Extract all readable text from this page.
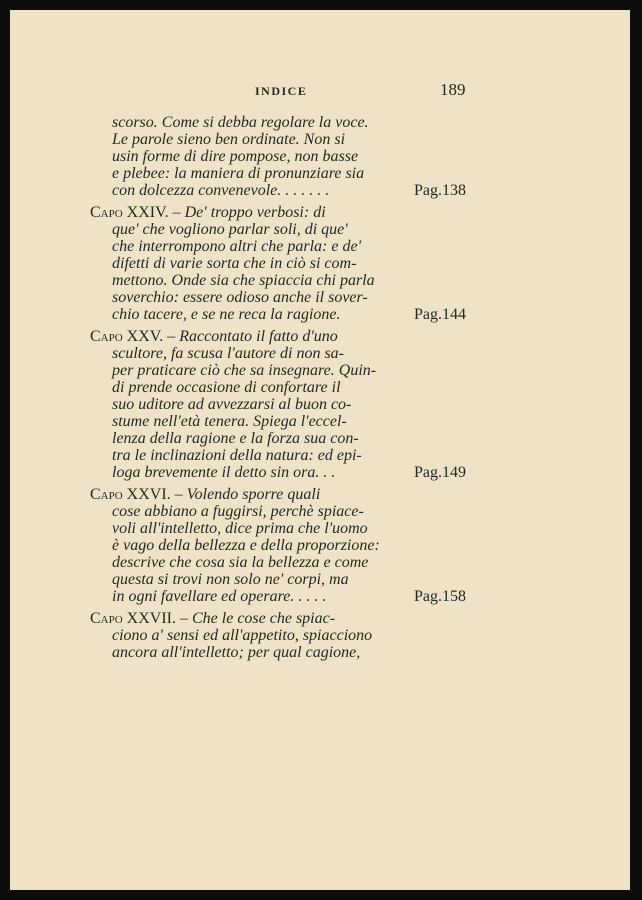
INDICE	189
scorso. Come si debba regolare la voce.
Le parole sieno ben ordinate. Non si
usin forme di dire pompose, non basse
e plebee: la maniera di pronunziare sia
con dolcezza convenevole. . . . . . .	Pag. 138
Capo XXIV. – De' troppo verbosi: di
que' che vogliono parlar soli, di que'
che interrompono altri che parla: e de'
difetti di varie sorta che in ciò si com-
mettono. Onde sia che spiaccia chi parla
soverchio: essere odioso anche il sover-
chio tacere, e se ne reca la ragione.	Pag. 144
Capo XXV. – Raccontato il fatto d'uno
scultore, fa scusa l'autore di non sa-
per praticare ciò che sa insegnare. Quin-
di prende occasione di confortare il
suo uditore ad avvezzarsi al buon co-
stume nell'età tenera. Spiega l'eccel-
lenza della ragione e la forza sua con-
tra le inclinazioni della natura: ed epi-
loga brevemente il detto sin ora. . .	Pag. 149
Capo XXVI. – Volendo sporre quali
cose abbiano a fuggirsi, perchè spiace-
voli all'intelletto, dice prima che l'uomo
è vago della bellezza e della proporzione:
descrive che cosa sia la bellezza e come
questa si trovi non solo ne' corpi, ma
in ogni favellare ed operare. . . . .	Pag. 158
Capo XXVII. – Che le cose che spiac-
ciono a' sensi ed all'appetito, spiacciono
ancora all'intelletto; per qual cagione,
